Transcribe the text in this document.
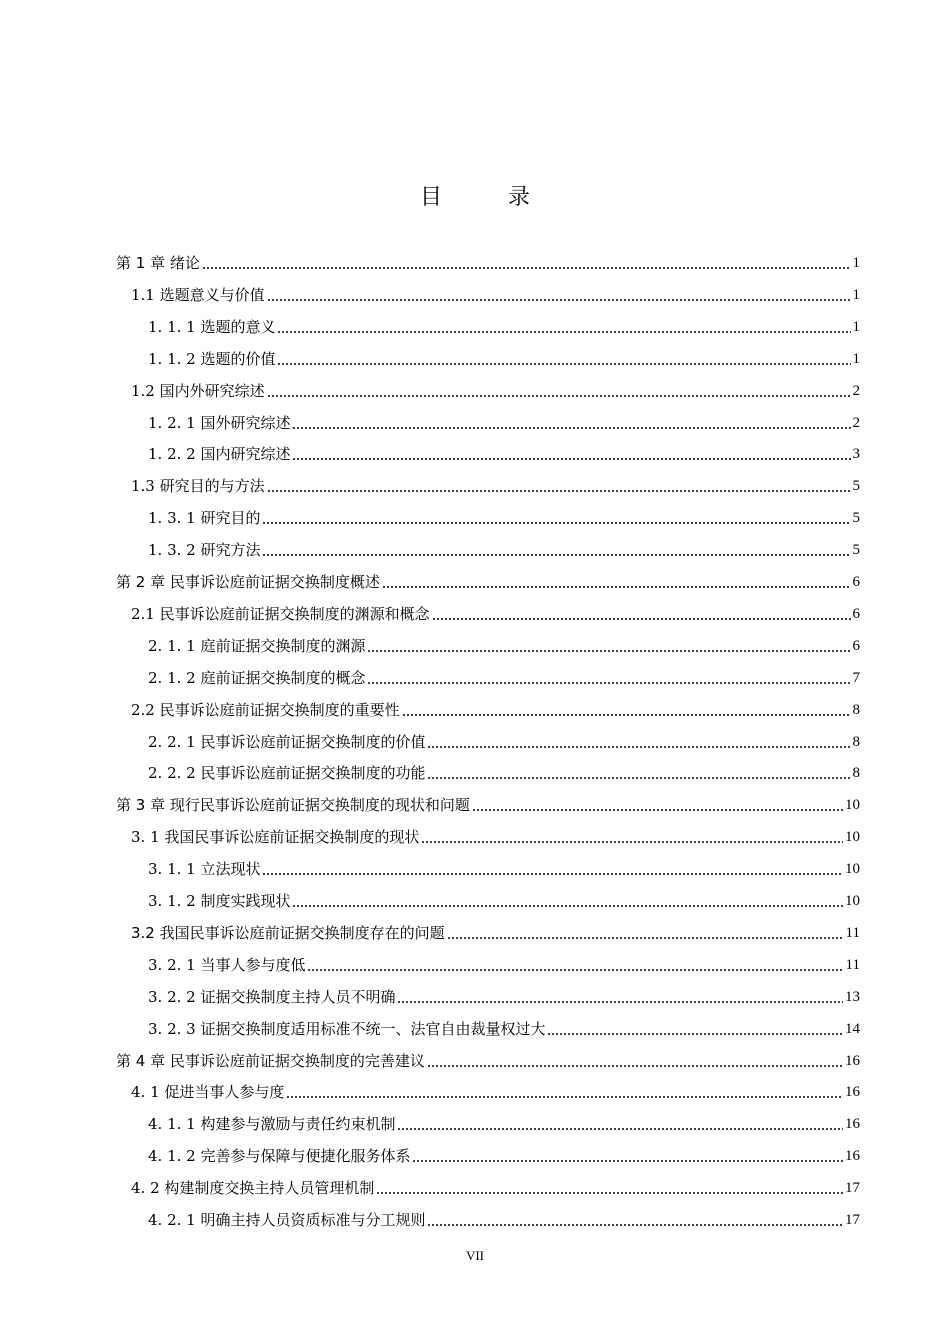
目　录
第 1 章 绪论	1
1.1 选题意义与价值	1
1. 1. 1 选题的意义	1
1. 1. 2 选题的价值	1
1.2 国内外研究综述	2
1. 2. 1 国外研究综述	2
1. 2. 2 国内研究综述	3
1.3 研究目的与方法	5
1. 3. 1 研究目的	5
1. 3. 2 研究方法	5
第 2 章 民事诉讼庭前证据交换制度概述	6
2.1 民事诉讼庭前证据交换制度的渊源和概念	6
2. 1. 1 庭前证据交换制度的渊源	6
2. 1. 2 庭前证据交换制度的概念	7
2.2 民事诉讼庭前证据交换制度的重要性	8
2. 2. 1 民事诉讼庭前证据交换制度的价值	8
2. 2. 2 民事诉讼庭前证据交换制度的功能	8
第 3 章 现行民事诉讼庭前证据交换制度的现状和问题	10
3. 1 我国民事诉讼庭前证据交换制度的现状	10
3. 1. 1 立法现状	10
3. 1. 2 制度实践现状	10
3.2 我国民事诉讼庭前证据交换制度存在的问题	11
3. 2. 1 当事人参与度低	11
3. 2. 2 证据交换制度主持人员不明确	13
3. 2. 3 证据交换制度适用标准不统一、法官自由裁量权过大	14
第 4 章 民事诉讼庭前证据交换制度的完善建议	16
4. 1 促进当事人参与度	16
4. 1. 1 构建参与激励与责任约束机制	16
4. 1. 2 完善参与保障与便捷化服务体系	16
4. 2 构建制度交换主持人员管理机制	17
4. 2. 1 明确主持人员资质标准与分工规则	17
VII
